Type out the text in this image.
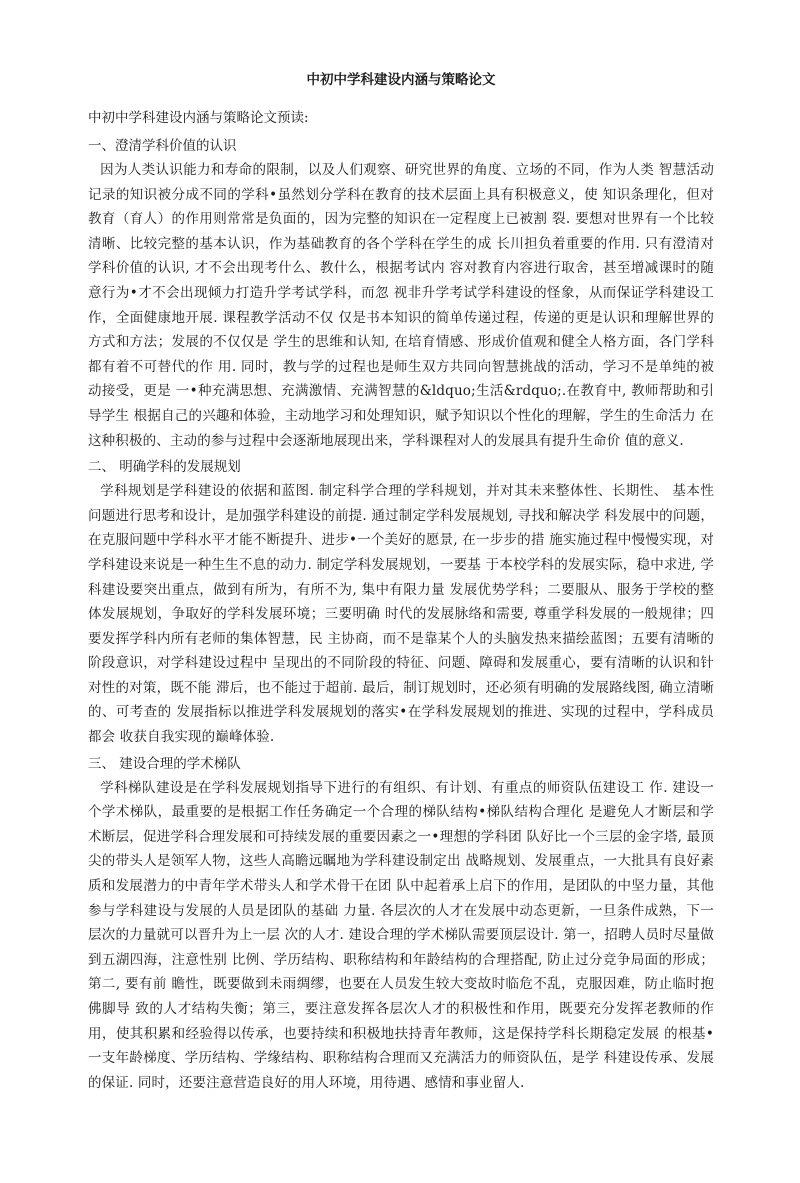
中初中学科建设内涵与策略论文
中初中学科建设内涵与策略论文预读:
一、澄清学科价值的认识
因为人类认识能力和寿命的限制，以及人们观察、研究世界的角度、立场的不同，作为人类 智慧活动记录的知识被分成不同的学科•虽然划分学科在教育的技术层面上具有积极意义，使 知识条理化，但对教育（育人）的作用则常常是负面的，因为完整的知识在一定程度上已被割 裂. 要想对世界有一个比较清晰、比较完整的基本认识，作为基础教育的各个学科在学生的成 长川担负着重要的作用. 只有澄清对学科价值的认识, 才不会出现考什么、教什么，根据考试内 容对教育内容进行取舍，甚至增减课时的随意行为•才不会出现倾力打造升学考试学科，而忽 视非升学考试学科建设的怪象，从而保证学科建设工作，全面健康地开展. 课程教学活动不仅 仅是书本知识的简单传递过程，传递的更是认识和理解世界的方式和方法；发展的不仅仅是 学生的思维和认知, 在培育情感、形成价值观和健全人格方面，各门学科都有着不可替代的作 用. 同时，教与学的过程也是师生双方共同向智慧挑战的活动，学习不是单纯的被动接受，更是 一•种充满思想、充满激情、充满智慧的&ldquo;生活&rdquo;.在教育中, 教师帮助和引导学生 根据自己的兴趣和体验，主动地学习和处理知识，赋予知识以个性化的理解，学生的生命活力 在这种积极的、主动的参与过程中会逐渐地展现出来，学科课程对人的发展具有提升生命价 值的意义.
二、 明确学科的发展规划
学科规划是学科建设的依据和蓝图. 制定科学合理的学科规划，并对其未来整体性、长期性、 基本性问题进行思考和设计，是加强学科建设的前提. 通过制定学科发展规划, 寻找和解决学 科发展中的问题，在克服问题中学科水平才能不断提升、进步•一个美好的愿景, 在一步步的措 施实施过程中慢慢实现，对学科建设来说是一种生生不息的动力. 制定学科发展规划，一要基 于本校学科的发展实际，稳中求进, 学科建设要突出重点，做到有所为，有所不为, 集中有限力量 发展优势学科；二要服从、服务于学校的整体发展规划，争取好的学科发展环境；三要明确 时代的发展脉络和需要, 尊重学科发展的一般规律；四要发挥学科内所有老师的集体智慧，民 主协商，而不是靠某个人的头脑发热来描绘蓝图；五要有清晰的阶段意识，对学科建设过程中 呈现出的不同阶段的特征、问题、障碍和发展重心，要有清晰的认识和针对性的对策，既不能 滞后，也不能过于超前. 最后，制订规划时，还必须有明确的发展路线图, 确立清晰的、可考查的 发展指标以推进学科发展规划的落实•在学科发展规划的推进、实现的过程中，学科成员都会 收获自我实现的巅峰体验.
三、 建设合理的学术梯队
学科梯队建设是在学科发展规划指导下进行的有组织、有计划、有重点的师资队伍建设工 作. 建设一个学术梯队，最重要的是根据工作任务确定一个合理的梯队结构•梯队结构合理化 是避免人才断层和学术断层，促进学科合理发展和可持续发展的重要因素之一•理想的学科团 队好比一个三层的金字塔, 最顶尖的带头人是领军人物，这些人高瞻远瞩地为学科建设制定出 战略规划、发展重点，一大批具有良好素质和发展潜力的中青年学术带头人和学术骨干在团 队中起着承上启下的作用，是团队的中坚力量，其他参与学科建设与发展的人员是团队的基础 力量. 各层次的人才在发展中动态更新，一旦条件成熟，下一层次的力量就可以晋升为上一层 次的人才. 建设合理的学术梯队需要顶层设计. 第一，招聘人员时尽量做到五湖四海，注意性别 比例、学历结构、职称结构和年龄结构的合理搭配, 防止过分竞争局面的形成；第二, 要有前 瞻性，既要做到未雨绸缪，也要在人员发生较大变故时临危不乱，克服因难，防止临时抱佛脚导 致的人才结构失衡；第三，要注意发挥各层次人才的积极性和作用，既要充分发挥老教师的作 用，使其积累和经验得以传承，也要持续和积极地扶持青年教师，这是保持学科长期稳定发展 的根基•一支年龄梯度、学历结构、学缘结构、职称结构合理而又充满活力的师资队伍，是学 科建设传承、发展的保证. 同时，还要注意营造良好的用人环境，用待遇、感情和事业留人.
